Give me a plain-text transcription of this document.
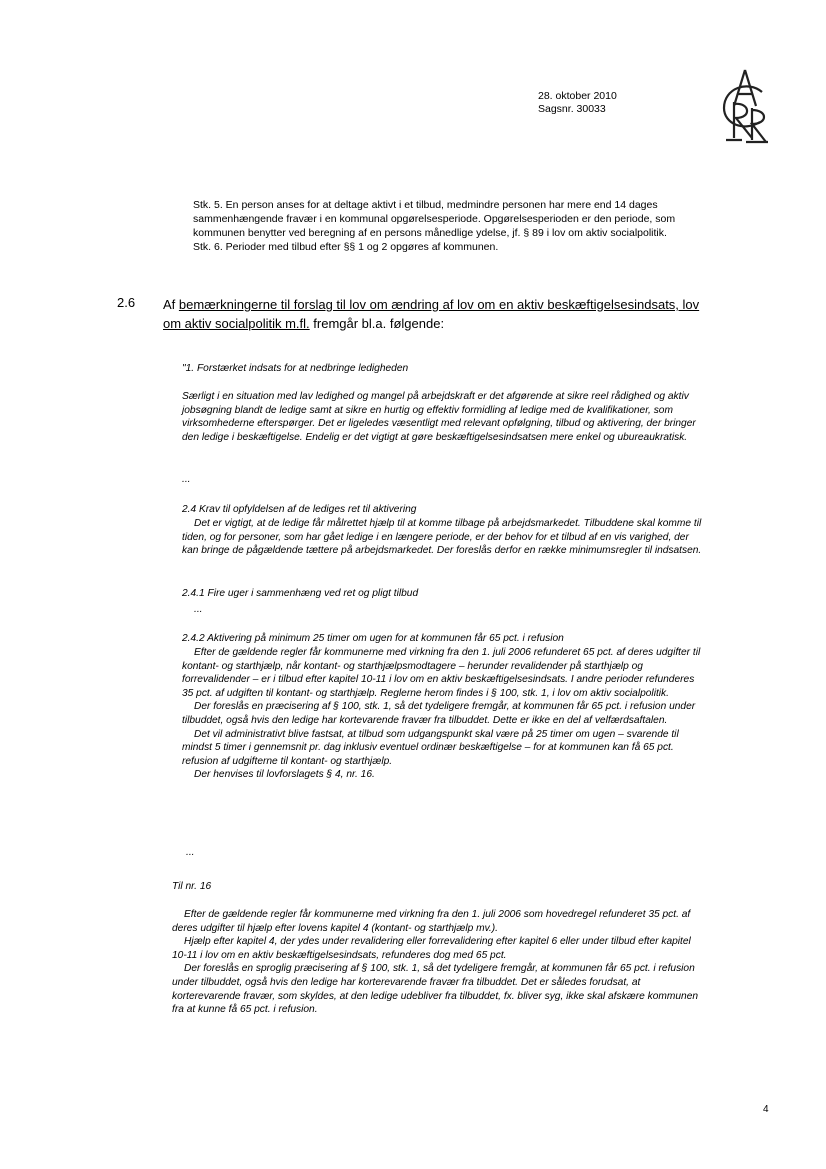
28. oktober 2010
Sagsnr. 30033

Stk. 5. En person anses for at deltage aktivt i et tilbud, medmindre personen har mere end 14 dages sammenhængende fravær i en kommunal opgørelsesperiode. Opgørelsesperioden er den periode, som kommunen benytter ved beregning af en persons månedlige ydelse, jf. § 89 i lov om aktiv socialpolitik.

Stk. 6. Perioder med tilbud efter §§ 1 og 2 opgøres af kommunen.

2.6 Af bemærkningerne til forslag til lov om ændring af lov om en aktiv beskæftigelsesindsats, lov om aktiv socialpolitik m.fl. fremgår bl.a. følgende:
"1. Forstærket indsats for at nedbringe ledigheden
Særligt i en situation med lav ledighed og mangel på arbejdskraft er det afgørende at sikre reel rådighed og aktiv jobsøgning blandt de ledige samt at sikre en hurtig og effektiv formidling af ledige med de kvalifikationer, som virksomhederne efterspørger. Det er ligeledes væsentligt med relevant opfølgning, tilbud og aktivering, der bringer den ledige i beskæftigelse. Endelig er det vigtigt at gøre beskæftigelsesindsatsen mere enkel og ubureaukratisk.
...
2.4 Krav til opfyldelsen af de lediges ret til aktivering
Det er vigtigt, at de ledige får målrettet hjælp til at komme tilbage på arbejdsmarkedet. Tilbuddene skal komme til tiden, og for personer, som har gået ledige i en længere periode, er der behov for et tilbud af en vis varighed, der kan bringe de pågældende tættere på arbejdsmarkedet. Der foreslås derfor en række minimumsregler til indsatsen.
2.4.1 Fire uger i sammenhæng ved ret og pligt tilbud
...
2.4.2 Aktivering på minimum 25 timer om ugen for at kommunen får 65 pct. i refusion

Efter de gældende regler får kommunerne med virkning fra den 1. juli 2006 refunderet 65 pct. af deres udgifter til kontant- og starthjælp, når kontant- og starthjælpsmodtagere – herunder revalidender på starthjælp og forrevalidender – er i tilbud efter kapitel 10-11 i lov om en aktiv beskæftigelsesindsats. I andre perioder refunderes 35 pct. af udgiften til kontant- og starthjælp. Reglerne herom findes i § 100, stk. 1, i lov om aktiv socialpolitik.

Der foreslås en præcisering af § 100, stk. 1, så det tydeligere fremgår, at kommunen får 65 pct. i refusion under tilbuddet, også hvis den ledige har kortevarende fravær fra tilbuddet. Dette er ikke en del af velfærdsaftalen.

Det vil administrativt blive fastsat, at tilbud som udgangspunkt skal være på 25 timer om ugen – svarende til mindst 5 timer i gennemsnit pr. dag inklusiv eventuel ordinær beskæftigelse – for at kommunen kan få 65 pct. refusion af udgifterne til kontant- og starthjælp.

Der henvises til lovforslagets § 4, nr. 16.

...
Til nr. 16

Efter de gældende regler får kommunerne med virkning fra den 1. juli 2006 som hovedregel refunderet 35 pct. af deres udgifter til hjælp efter lovens kapitel 4 (kontant- og starthjælp mv.).

Hjælp efter kapitel 4, der ydes under revalidering eller forrevalidering efter kapitel 6 eller under tilbud efter kapitel 10-11 i lov om en aktiv beskæftigelsesindsats, refunderes dog med 65 pct.

Der foreslås en sproglig præcisering af § 100, stk. 1, så det tydeligere fremgår, at kommunen får 65 pct. i refusion under tilbuddet, også hvis den ledige har korterevarende fravær fra tilbuddet. Det er således forudsat, at korterevarende fravær, som skyldes, at den ledige udebliver fra tilbuddet, fx. bliver syg, ikke skal afskære kommunen fra at kunne få 65 pct. i refusion.

4
